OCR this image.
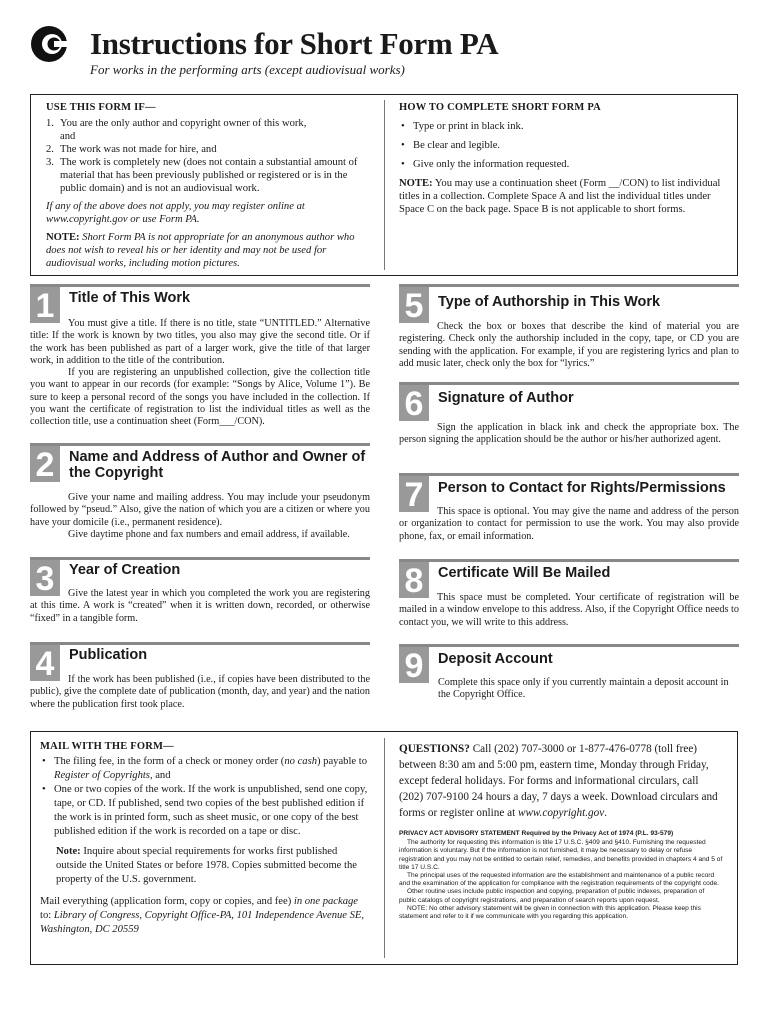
Instructions for Short Form PA
For works in the performing arts (except audiovisual works)
USE THIS FORM IF—
1. You are the only author and copyright owner of this work,
and
2. The work was not made for hire, and
3. The work is completely new (does not contain a substantial amount of material that has been previously published or registered or is in the public domain) and is not an audiovisual work.

If any of the above does not apply, you may register online at www.copyright.gov or use Form PA.

NOTE: Short Form PA is not appropriate for an anonymous author who does not wish to reveal his or her identity and may not be used for audiovisual works, including motion pictures.

HOW TO COMPLETE SHORT FORM PA
• Type or print in black ink.
• Be clear and legible.
• Give only the information requested.

NOTE: You may use a continuation sheet (Form __/CON) to list individual titles in a collection. Complete Space A and list the individual titles under Space C on the back page. Space B is not applicable to short forms.

1	Title of This Work

You must give a title. If there is no title, state “UNTITLED.” Alternative title: If the work is known by two titles, you also may give the second title. Or if the work has been published as part of a larger work, give the title of that larger work, in addition to the title of the contribution.

If you are registering an unpublished collection, give the collection title you want to appear in our records (for example: “Songs by Alice, Volume 1”). Be sure to keep a personal record of the songs you have included in the collection. If you want the certificate of registration to list the individual titles as well as the collection title, use a continuation sheet (Form___/CON).

2	Name and Address of Author and Owner of the Copyright

Give your name and mailing address. You may include your pseudonym followed by “pseud.” Also, give the nation of which you are a citizen or where you have your domicile (i.e., permanent residence).

Give daytime phone and fax numbers and email address, if available.

3	Year of Creation

Give the latest year in which you completed the work you are registering at this time. A work is “created” when it is written down, recorded, or otherwise “fixed” in a tangible form.

4	Publication

If the work has been published (i.e., if copies have been distributed to the public), give the complete date of publication (month, day, and year) and the nation where the publication first took place.

5	Type of Authorship in This Work

Check the box or boxes that describe the kind of material you are registering. Check only the authorship included in the copy, tape, or CD you are sending with the application. For example, if you are registering lyrics and plan to add music later, check only the box for “lyrics.”

6	Signature of Author

Sign the application in black ink and check the appropriate box. The person signing the application should be the author or his/her authorized agent.

7	Person to Contact for Rights/Permissions

This space is optional. You may give the name and address of the person or organization to contact for permission to use the work. You may also provide phone, fax, or email information.

8	Certificate Will Be Mailed

This space must be completed. Your certificate of registration will be mailed in a window envelope to this address. Also, if the Copyright Office needs to contact you, we will write to this address.

9	Deposit Account

Complete this space only if you currently maintain a deposit account in the Copyright Office.

MAIL WITH THE FORM—
• The filing fee, in the form of a check or money order (no cash) payable to Register of Copyrights, and
• One or two copies of the work. If the work is unpublished, send one copy, tape, or CD. If published, send two copies of the best published edition if the work is in printed form, such as sheet music, or one copy of the best published edition if the work is recorded on a tape or disc.

Note: Inquire about special requirements for works first published outside the United States or before 1978. Copies submitted become the property of the U.S. government.

Mail everything (application form, copy or copies, and fee) in one package to: Library of Congress, Copyright Office-PA, 101 Independence Avenue SE, Washington, DC 20559

QUESTIONS? Call (202) 707-3000 or 1-877-476-0778 (toll free) between 8:30 am and 5:00 pm, eastern time, Monday through Friday, except federal holidays. For forms and informational circulars, call (202) 707-9100 24 hours a day, 7 days a week. Download circulars and forms or register online at www.copyright.gov.
PRIVACY ACT ADVISORY STATEMENT Required by the Privacy Act of 1974 (P.L. 93-579)

The authority for requesting this information is title 17 U.S.C. §409 and §410. Furnishing the requested information is voluntary. But if the information is not furnished, it may be necessary to delay or refuse registration and you may not be entitled to certain relief, remedies, and benefits provided in chapters 4 and 5 of title 17 U.S.C.

The principal uses of the requested information are the establishment and maintenance of a public record and the examination of the application for compliance with the registration requirements of the copyright code.

Other routine uses include public inspection and copying, preparation of public indexes, preparation of public catalogs of copyright registrations, and preparation of search reports upon request.

NOTE: No other advisory statement will be given in connection with this application. Please keep this statement and refer to it if we communicate with you regarding this application.
